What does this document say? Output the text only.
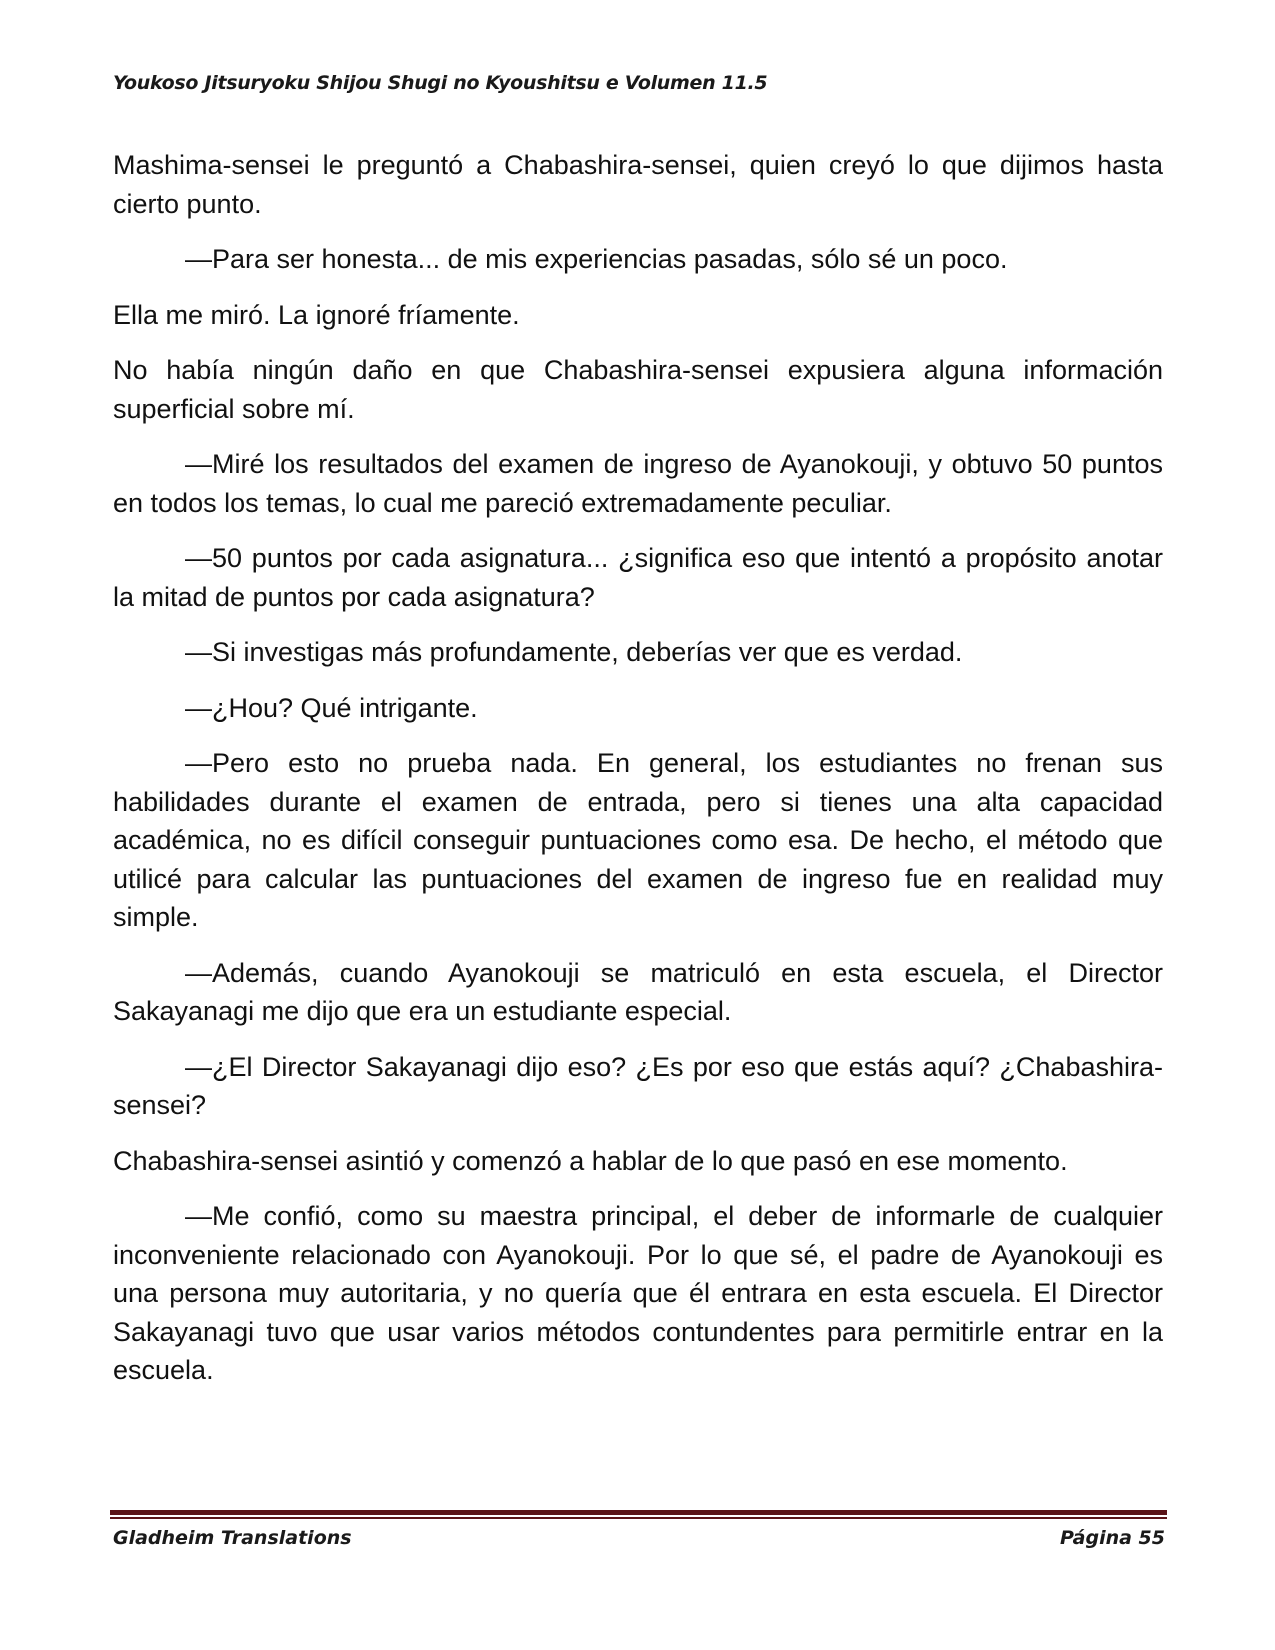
Youkoso Jitsuryoku Shijou Shugi no Kyoushitsu e Volumen 11.5

Mashima-sensei le preguntó a Chabashira-sensei, quien creyó lo que dijimos hasta cierto punto.

—Para ser honesta... de mis experiencias pasadas, sólo sé un poco.

Ella me miró. La ignoré fríamente.

No había ningún daño en que Chabashira-sensei expusiera alguna información superficial sobre mí.

—Miré los resultados del examen de ingreso de Ayanokouji, y obtuvo 50 puntos en todos los temas, lo cual me pareció extremadamente peculiar.

—50 puntos por cada asignatura... ¿significa eso que intentó a propósito anotar la mitad de puntos por cada asignatura?

—Si investigas más profundamente, deberías ver que es verdad.

—¿Hou? Qué intrigante.

—Pero esto no prueba nada. En general, los estudiantes no frenan sus habilidades durante el examen de entrada, pero si tienes una alta capacidad académica, no es difícil conseguir puntuaciones como esa. De hecho, el método que utilicé para calcular las puntuaciones del examen de ingreso fue en realidad muy simple.

—Además, cuando Ayanokouji se matriculó en esta escuela, el Director Sakayanagi me dijo que era un estudiante especial.

—¿El Director Sakayanagi dijo eso? ¿Es por eso que estás aquí? ¿Chabashira-sensei?

Chabashira-sensei asintió y comenzó a hablar de lo que pasó en ese momento.

—Me confió, como su maestra principal, el deber de informarle de cualquier inconveniente relacionado con Ayanokouji. Por lo que sé, el padre de Ayanokouji es una persona muy autoritaria, y no quería que él entrara en esta escuela. El Director Sakayanagi tuvo que usar varios métodos contundentes para permitirle entrar en la escuela.

Gladheim Translations	Página 55
